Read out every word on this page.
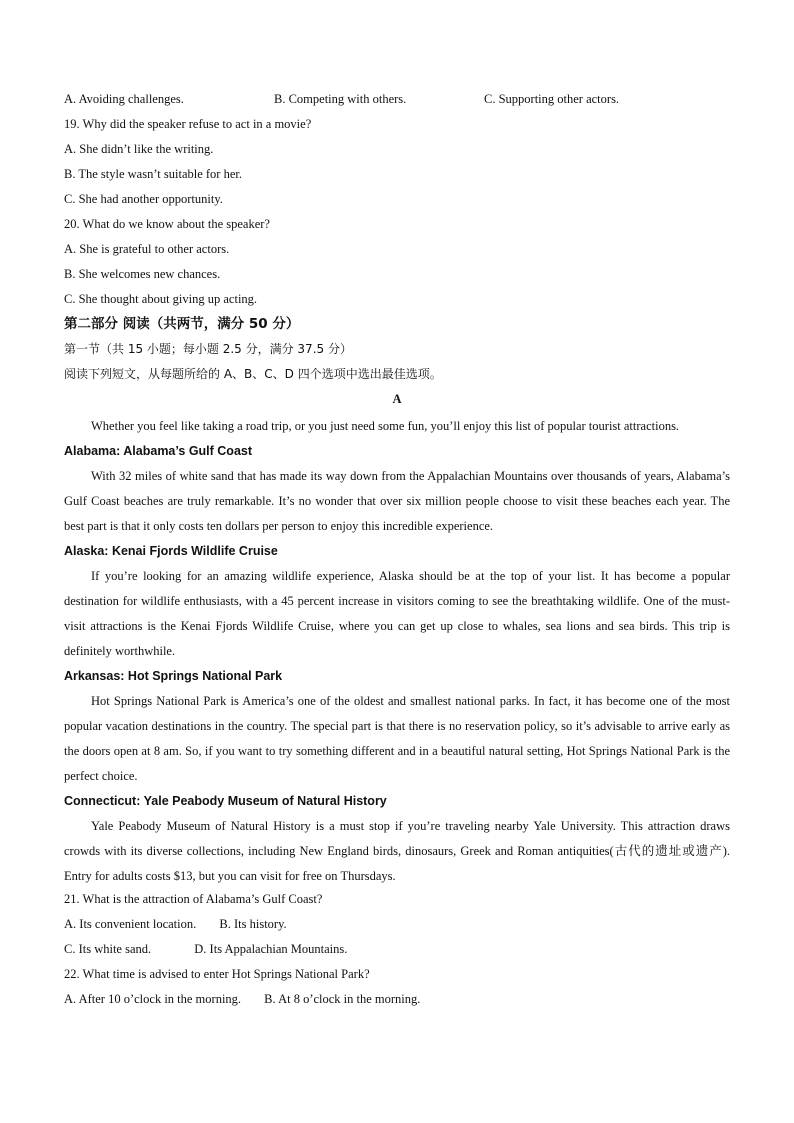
A. Avoiding challenges.	B. Competing with others.	C. Supporting other actors.
19. Why did the speaker refuse to act in a movie?
A. She didn’t like the writing.
B. The style wasn’t suitable for her.
C. She had another opportunity.
20. What do we know about the speaker?
A. She is grateful to other actors.
B. She welcomes new chances.
C. She thought about giving up acting.
第二部分 阅读（共两节，满分 50 分）
第一节（共 15 小题；每小题 2.5 分，满分 37.5 分）
阅读下列短文，从每题所给的 A、B、C、D 四个选项中选出最佳选项。
A
Whether you feel like taking a road trip, or you just need some fun, you’ll enjoy this list of popular tourist attractions.
Alabama: Alabama’s Gulf Coast
With 32 miles of white sand that has made its way down from the Appalachian Mountains over thousands of years, Alabama’s Gulf Coast beaches are truly remarkable. It’s no wonder that over six million people choose to visit these beaches each year. The best part is that it only costs ten dollars per person to enjoy this incredible experience.
Alaska: Kenai Fjords Wildlife Cruise
If you’re looking for an amazing wildlife experience, Alaska should be at the top of your list. It has become a popular destination for wildlife enthusiasts, with a 45 percent increase in visitors coming to see the breathtaking wildlife. One of the must-visit attractions is the Kenai Fjords Wildlife Cruise, where you can get up close to whales, sea lions and sea birds. This trip is definitely worthwhile.
Arkansas: Hot Springs National Park
Hot Springs National Park is America’s one of the oldest and smallest national parks. In fact, it has become one of the most popular vacation destinations in the country. The special part is that there is no reservation policy, so it’s advisable to arrive early as the doors open at 8 am. So, if you want to try something different and in a beautiful natural setting, Hot Springs National Park is the perfect choice.
Connecticut: Yale Peabody Museum of Natural History
Yale Peabody Museum of Natural History is a must stop if you’re traveling nearby Yale University. This attraction draws crowds with its diverse collections, including New England birds, dinosaurs, Greek and Roman antiquities(古代的遗址或遗产). Entry for adults costs $13, but you can visit for free on Thursdays.
21. What is the attraction of Alabama’s Gulf Coast?
A. Its convenient location. B. Its history.
C. Its white sand.	D. Its Appalachian Mountains.
22. What time is advised to enter Hot Springs National Park?
A. After 10 o’clock in the morning. B. At 8 o’clock in the morning.
